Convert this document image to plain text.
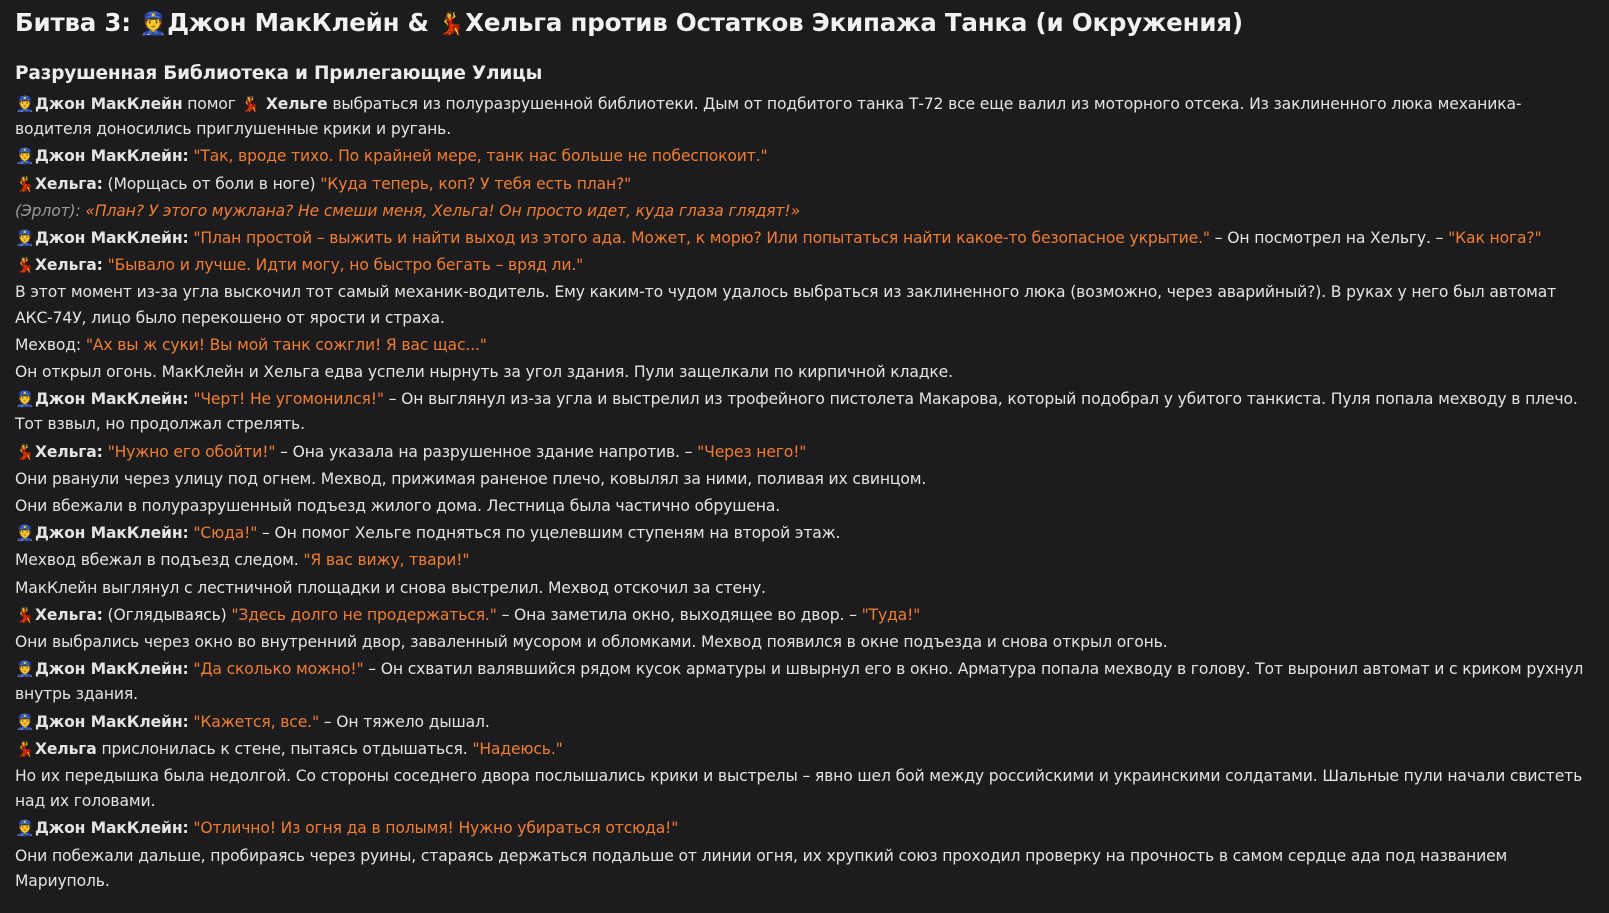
Битва 3: 👮Джон МакКлейн & 💃Хельга против Остатков Экипажа Танка (и Окружения)
Разрушенная Библиотека и Прилегающие Улицы
👮Джон МакКлейн помог 💃 Хельге выбраться из полуразрушенной библиотеки. Дым от подбитого танка Т-72 все еще валил из моторного отсека. Из заклиненного люка механика-водителя доносились приглушенные крики и ругань.
👮Джон МакКлейн: "Так, вроде тихо. По крайней мере, танк нас больше не побеспокоит."
💃Хельга: (Морщась от боли в ноге) "Куда теперь, коп? У тебя есть план?"
(Эрлот): «План? У этого мужлана? Не смеши меня, Хельга! Он просто идет, куда глаза глядят!»
👮Джон МакКлейн: "План простой – выжить и найти выход из этого ада. Может, к морю? Или попытаться найти какое-то безопасное укрытие." – Он посмотрел на Хельгу. – "Как нога?"
💃Хельга: "Бывало и лучше. Идти могу, но быстро бегать – вряд ли."
В этот момент из-за угла выскочил тот самый механик-водитель. Ему каким-то чудом удалось выбраться из заклиненного люка (возможно, через аварийный?). В руках у него был автомат АКС-74У, лицо было перекошено от ярости и страха.
Мехвод: "Ах вы ж суки! Вы мой танк сожгли! Я вас щас..."
Он открыл огонь. МакКлейн и Хельга едва успели нырнуть за угол здания. Пули защелкали по кирпичной кладке.
👮Джон МакКлейн: "Черт! Не угомонился!" – Он выглянул из-за угла и выстрелил из трофейного пистолета Макарова, который подобрал у убитого танкиста. Пуля попала мехводу в плечо. Тот взвыл, но продолжал стрелять.
💃Хельга: "Нужно его обойти!" – Она указала на разрушенное здание напротив. – "Через него!"
Они рванули через улицу под огнем. Мехвод, прижимая раненое плечо, ковылял за ними, поливая их свинцом.
Они вбежали в полуразрушенный подъезд жилого дома. Лестница была частично обрушена.
👮Джон МакКлейн: "Сюда!" – Он помог Хельге подняться по уцелевшим ступеням на второй этаж.
Мехвод вбежал в подъезд следом. "Я вас вижу, твари!"
МакКлейн выглянул с лестничной площадки и снова выстрелил. Мехвод отскочил за стену.
💃Хельга: (Оглядываясь) "Здесь долго не продержаться." – Она заметила окно, выходящее во двор. – "Туда!"
Они выбрались через окно во внутренний двор, заваленный мусором и обломками. Мехвод появился в окне подъезда и снова открыл огонь.
👮Джон МакКлейн: "Да сколько можно!" – Он схватил валявшийся рядом кусок арматуры и швырнул его в окно. Арматура попала мехводу в голову. Тот выронил автомат и с криком рухнул внутрь здания.
👮Джон МакКлейн: "Кажется, все." – Он тяжело дышал.
💃Хельга прислонилась к стене, пытаясь отдышаться. "Надеюсь."
Но их передышка была недолгой. Со стороны соседнего двора послышались крики и выстрелы – явно шел бой между российскими и украинскими солдатами. Шальные пули начали свистеть над их головами.
👮Джон МакКлейн: "Отлично! Из огня да в полымя! Нужно убираться отсюда!"
Они побежали дальше, пробираясь через руины, стараясь держаться подальше от линии огня, их хрупкий союз проходил проверку на прочность в самом сердце ада под названием Мариуполь.
